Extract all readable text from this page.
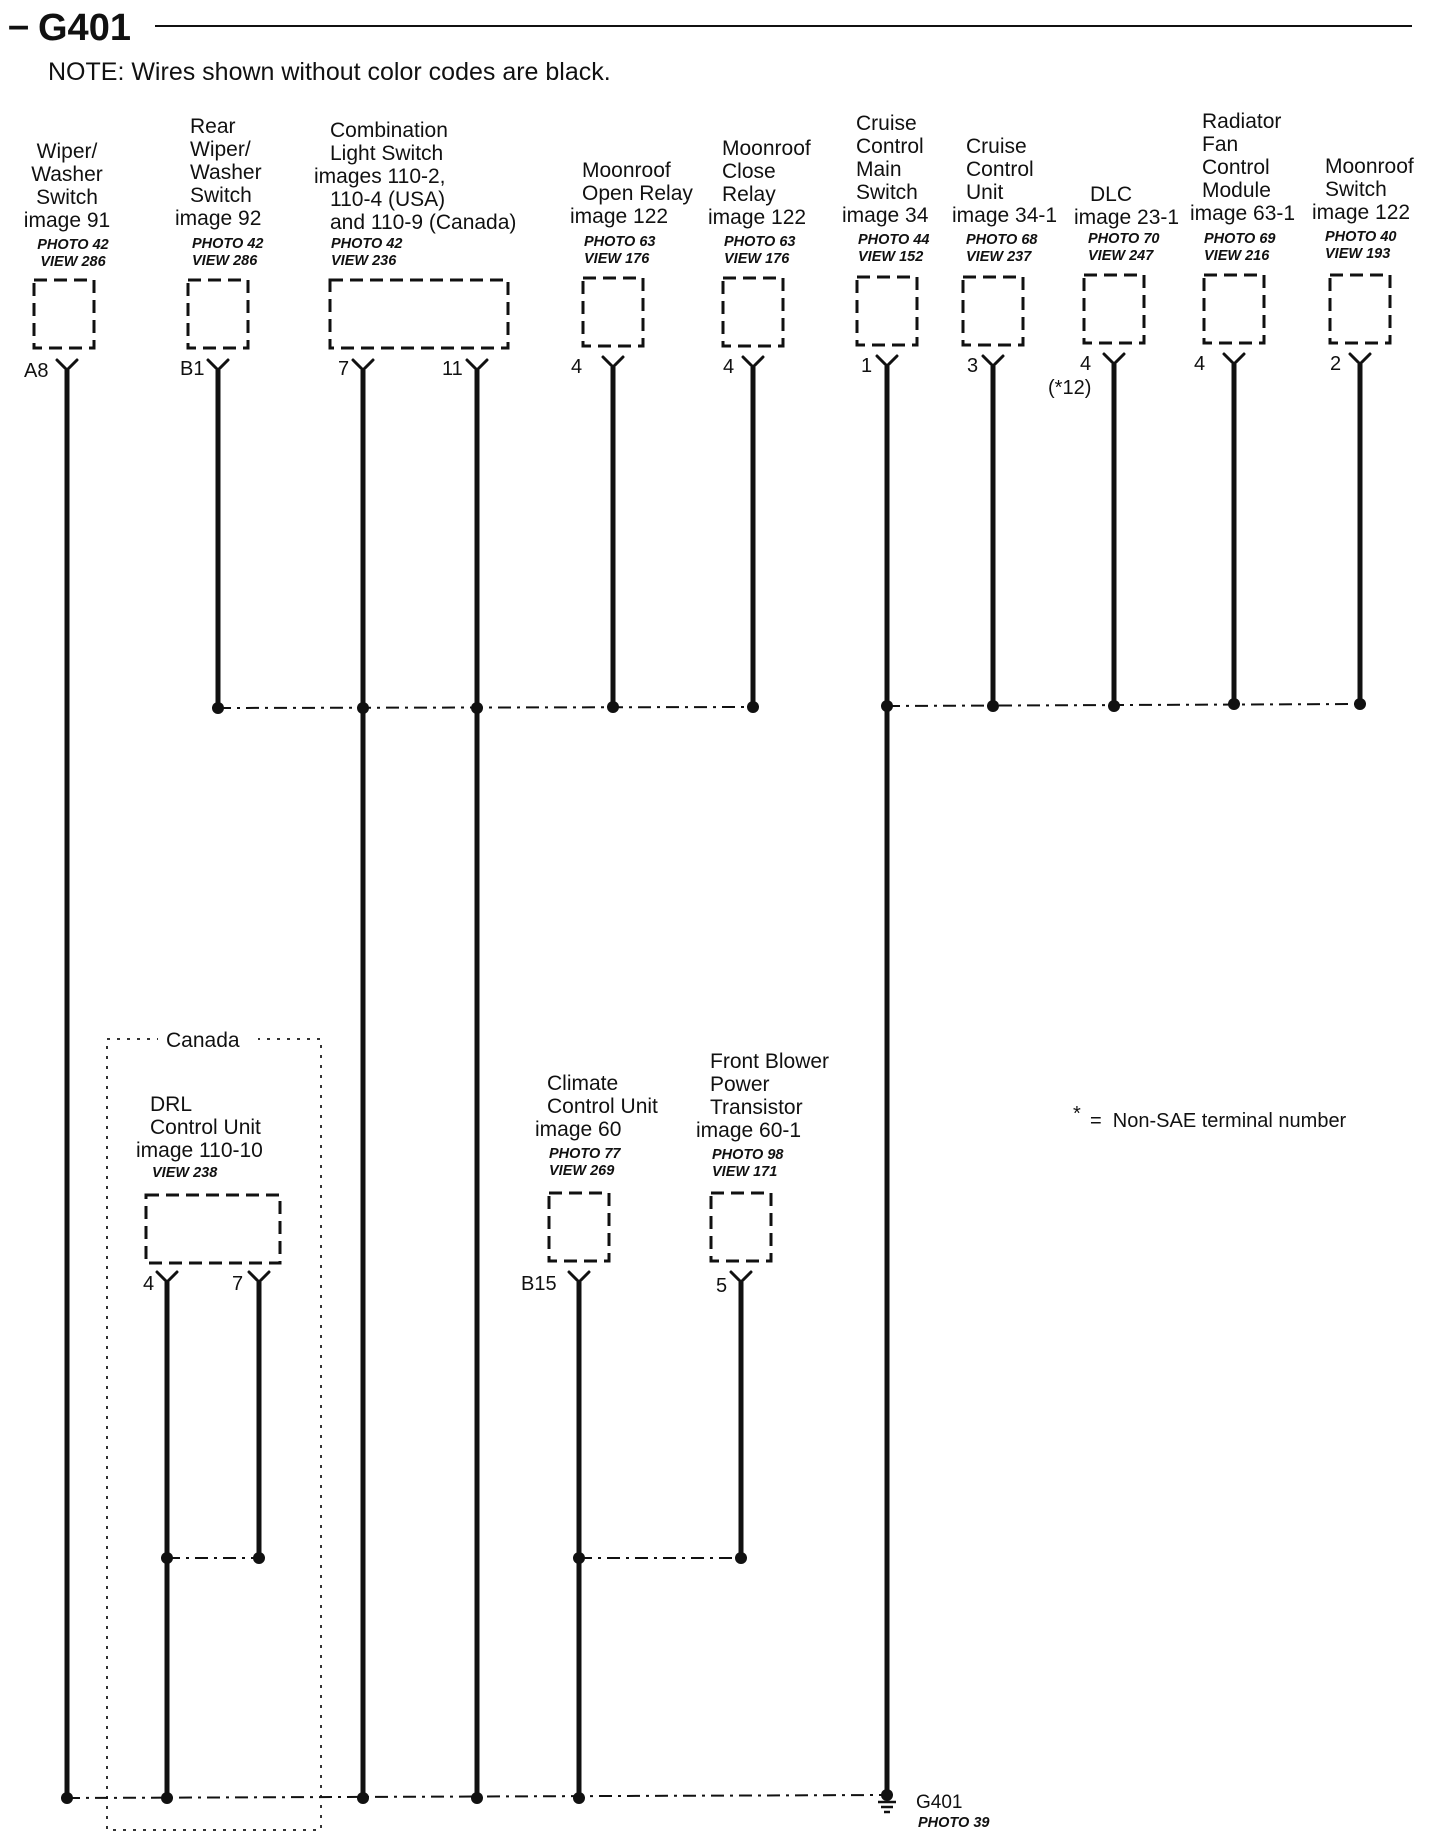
– G401
NOTE: Wires shown without color codes are black.
Wiper/
Washer
Switch
image 91
PHOTO 42
VIEW 286
Rear
Wiper/
Washer
Switch
image 92
PHOTO 42
VIEW 286
Combination
Light Switch
images 110-2,
110-4 (USA)
and 110-9 (Canada)
PHOTO 42
VIEW 236
Moonroof
Open Relay
image 122
PHOTO 63
VIEW 176
Moonroof
Close
Relay
image 122
PHOTO 63
VIEW 176
Cruise
Control
Main
Switch
image 34
PHOTO 44
VIEW 152
Cruise
Control
Unit
image 34-1
PHOTO 68
VIEW 237
DLC
image 23-1
PHOTO 70
VIEW 247
Radiator
Fan
Control
Module
image 63-1
PHOTO 69
VIEW 216
Moonroof
Switch
image 122
PHOTO 40
VIEW 193
A8	B1	7	11	4	4	1	3	4
(*12)
4	2
DRL
Control Unit
image 110-10
VIEW 238
Climate
Control Unit
image 60
PHOTO 77
VIEW 269
Front Blower
Power
Transistor
image 60-1
PHOTO 98
VIEW 171
Canada
4	7	B15	5
G401
PHOTO 39
* =  Non-SAE terminal number
